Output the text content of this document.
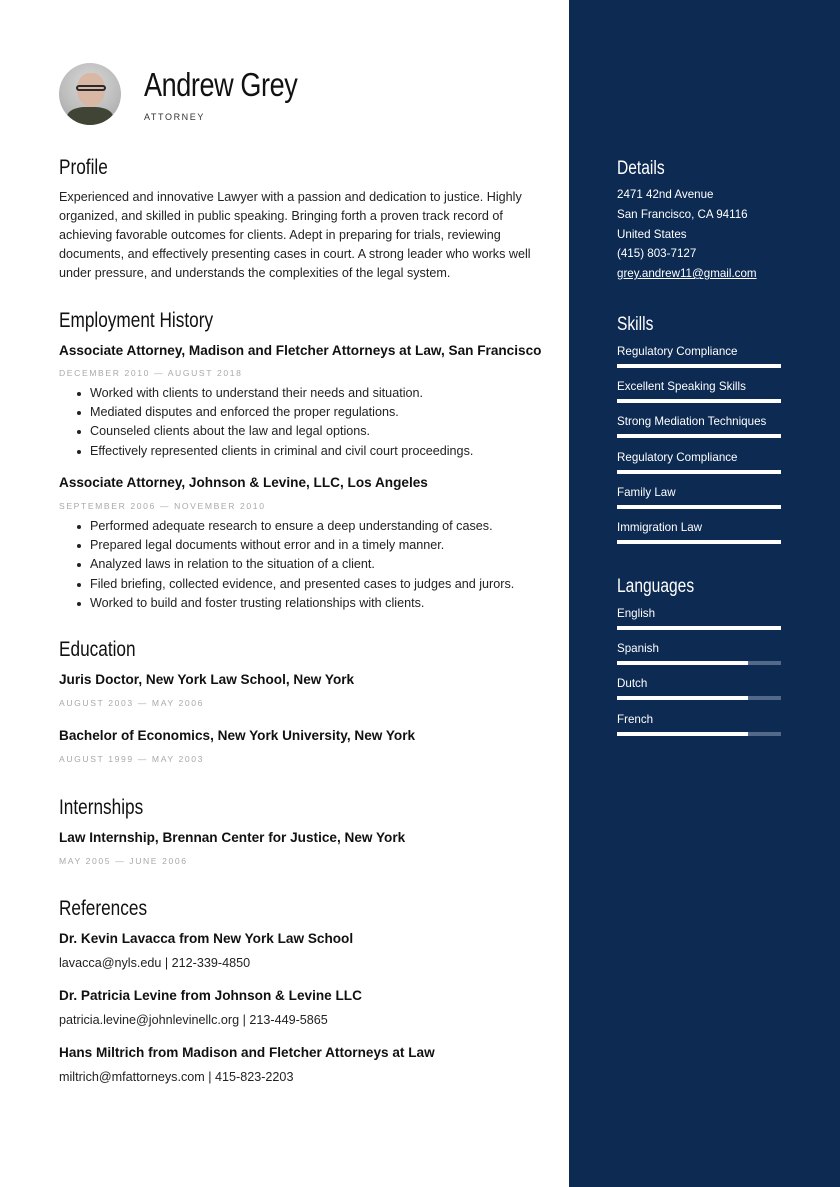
Andrew Grey
ATTORNEY
Profile
Experienced and innovative Lawyer with a passion and dedication to justice. Highly organized, and skilled in public speaking. Bringing forth a proven track record of achieving favorable outcomes for clients. Adept in preparing for trials, reviewing documents, and effectively presenting cases in court. A strong leader who works well under pressure, and understands the complexities of the legal system.
Employment History
Associate Attorney, Madison and Fletcher Attorneys at Law, San Francisco
DECEMBER 2010 — AUGUST 2018
Worked with clients to understand their needs and situation.
Mediated disputes and enforced the proper regulations.
Counseled clients about the law and legal options.
Effectively represented clients in criminal and civil court proceedings.
Associate Attorney, Johnson & Levine, LLC, Los Angeles
SEPTEMBER 2006 — NOVEMBER 2010
Performed adequate research to ensure a deep understanding of cases.
Prepared legal documents without error and in a timely manner.
Analyzed laws in relation to the situation of a client.
Filed briefing, collected evidence, and presented cases to judges and jurors.
Worked to build and foster trusting relationships with clients.
Education
Juris Doctor, New York Law School, New York
AUGUST 2003 — MAY 2006
Bachelor of Economics, New York University, New York
AUGUST 1999 — MAY 2003
Internships
Law Internship, Brennan Center for Justice, New York
MAY 2005 — JUNE 2006
References
Dr. Kevin Lavacca from New York Law School
lavacca@nyls.edu | 212-339-4850
Dr. Patricia Levine from Johnson & Levine LLC
patricia.levine@johnlevinellc.org | 213-449-5865
Hans Miltrich from Madison and Fletcher Attorneys at Law
miltrich@mfattorneys.com | 415-823-2203
Details
2471 42nd Avenue
San Francisco, CA 94116
United States
(415) 803-7127
grey.andrew11@gmail.com
Skills
Regulatory Compliance
Excellent Speaking Skills
Strong Mediation Techniques
Regulatory Compliance
Family Law
Immigration Law
Languages
English
Spanish
Dutch
French
